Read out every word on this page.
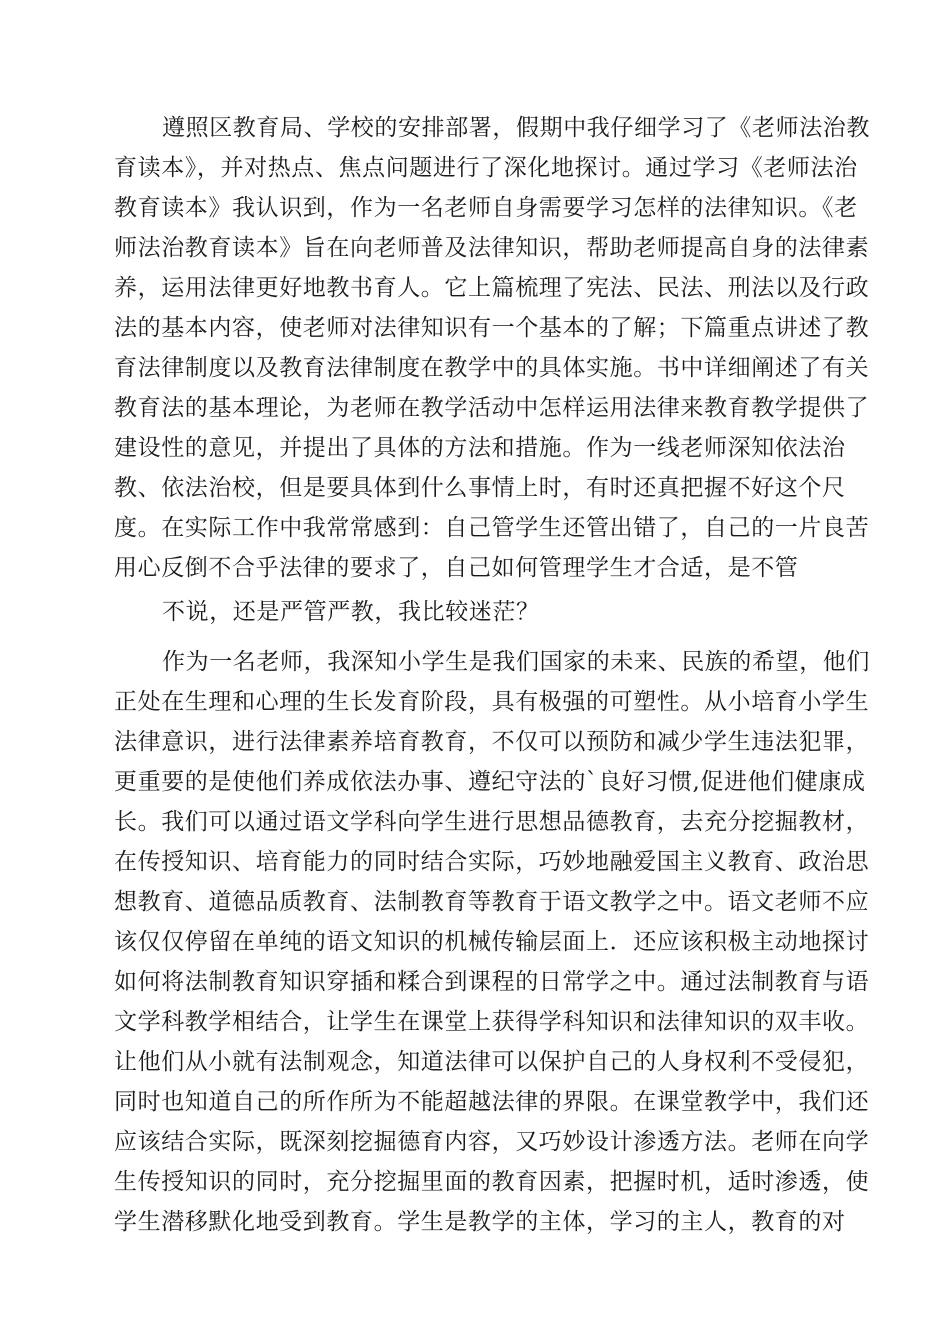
遵照区教育局、学校的安排部署，假期中我仔细学习了《老师法治教
育读本》，并对热点、焦点问题进行了深化地探讨。通过学习《老师法治
教育读本》我认识到，作为一名老师自身需要学习怎样的法律知识。《老
师法治教育读本》旨在向老师普及法律知识，帮助老师提高自身的法律素
养，运用法律更好地教书育人。它上篇梳理了宪法、民法、刑法以及行政
法的基本内容，使老师对法律知识有一个基本的了解；下篇重点讲述了教
育法律制度以及教育法律制度在教学中的具体实施。书中详细阐述了有关
教育法的基本理论，为老师在教学活动中怎样运用法律来教育教学提供了
建设性的意见，并提出了具体的方法和措施。作为一线老师深知依法治
教、依法治校，但是要具体到什么事情上时，有时还真把握不好这个尺
度。在实际工作中我常常感到：自己管学生还管出错了，自己的一片良苦
用心反倒不合乎法律的要求了，自己如何管理学生才合适，是不管
不说，还是严管严教，我比较迷茫？
作为一名老师，我深知小学生是我们国家的未来、民族的希望，他们
正处在生理和心理的生长发育阶段，具有极强的可塑性。从小培育小学生
法律意识，进行法律素养培育教育，不仅可以预防和减少学生违法犯罪，
更重要的是使他们养成依法办事、遵纪守法的`良好习惯,促进他们健康成
长。我们可以通过语文学科向学生进行思想品德教育，去充分挖掘教材，
在传授知识、培育能力的同时结合实际，巧妙地融爱国主义教育、政治思
想教育、道德品质教育、法制教育等教育于语文教学之中。语文老师不应
该仅仅停留在单纯的语文知识的机械传输层面上．还应该积极主动地探讨
如何将法制教育知识穿插和糅合到课程的日常学之中。通过法制教育与语
文学科教学相结合，让学生在课堂上获得学科知识和法律知识的双丰收。
让他们从小就有法制观念，知道法律可以保护自己的人身权利不受侵犯，
同时也知道自己的所作所为不能超越法律的界限。在课堂教学中，我们还
应该结合实际，既深刻挖掘德育内容，又巧妙设计渗透方法。老师在向学
生传授知识的同时，充分挖掘里面的教育因素，把握时机，适时渗透，使
学生潜移默化地受到教育。学生是教学的主体，学习的主人，教育的对
